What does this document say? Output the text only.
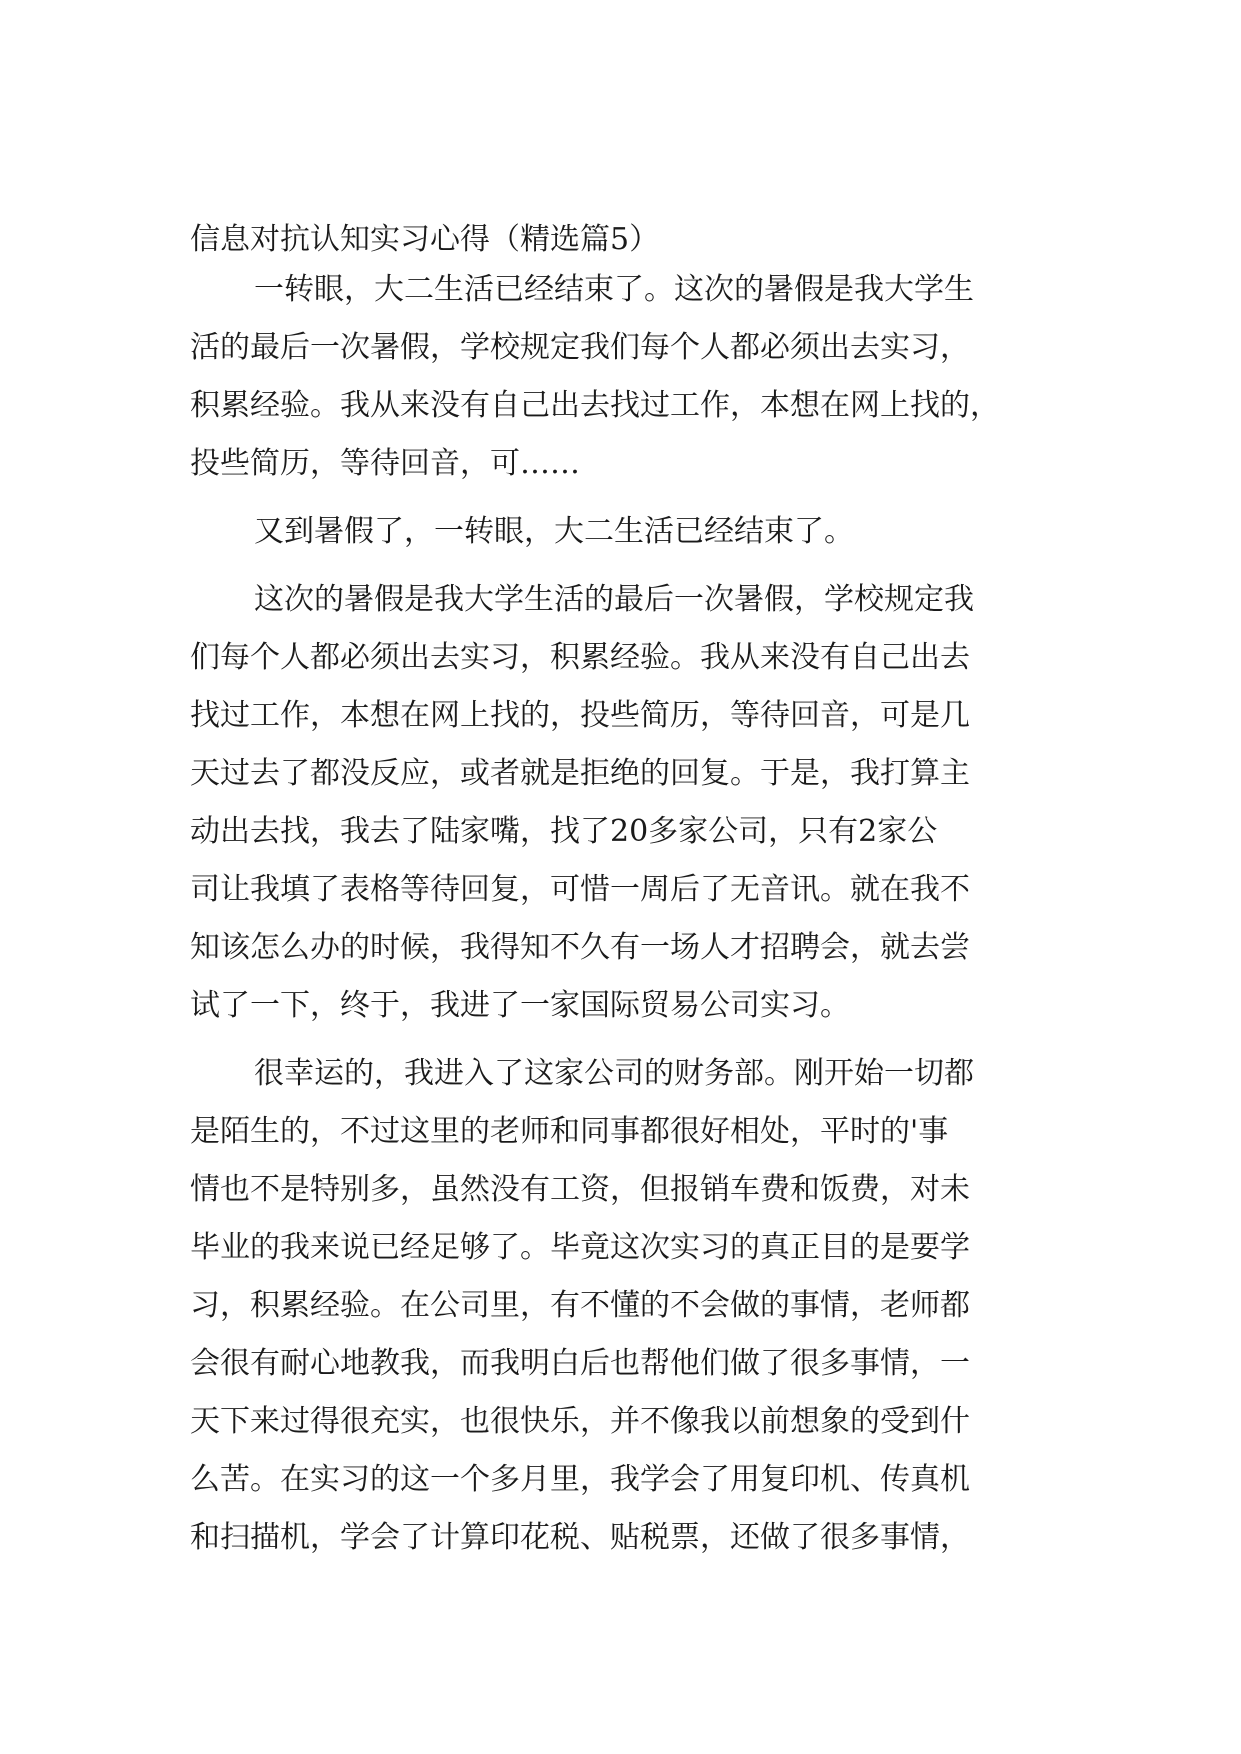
信息对抗认知实习心得（精选篇5）
一转眼，大二生活已经结束了。这次的暑假是我大学生
活的最后一次暑假，学校规定我们每个人都必须出去实习，
积累经验。我从来没有自己出去找过工作，本想在网上找的，
投些简历，等待回音，可……
又到暑假了，一转眼，大二生活已经结束了。
这次的暑假是我大学生活的最后一次暑假，学校规定我
们每个人都必须出去实习，积累经验。我从来没有自己出去
找过工作，本想在网上找的，投些简历，等待回音，可是几
天过去了都没反应，或者就是拒绝的回复。于是，我打算主
动出去找，我去了陆家嘴，找了20多家公司，只有2家公
司让我填了表格等待回复，可惜一周后了无音讯。就在我不
知该怎么办的时候，我得知不久有一场人才招聘会，就去尝
试了一下，终于，我进了一家国际贸易公司实习。
很幸运的，我进入了这家公司的财务部。刚开始一切都
是陌生的，不过这里的老师和同事都很好相处，平时的'事
情也不是特别多，虽然没有工资，但报销车费和饭费，对未
毕业的我来说已经足够了。毕竟这次实习的真正目的是要学
习，积累经验。在公司里，有不懂的不会做的事情，老师都
会很有耐心地教我，而我明白后也帮他们做了很多事情，一
天下来过得很充实，也很快乐，并不像我以前想象的受到什
么苦。在实习的这一个多月里，我学会了用复印机、传真机
和扫描机，学会了计算印花税、贴税票，还做了很多事情，
